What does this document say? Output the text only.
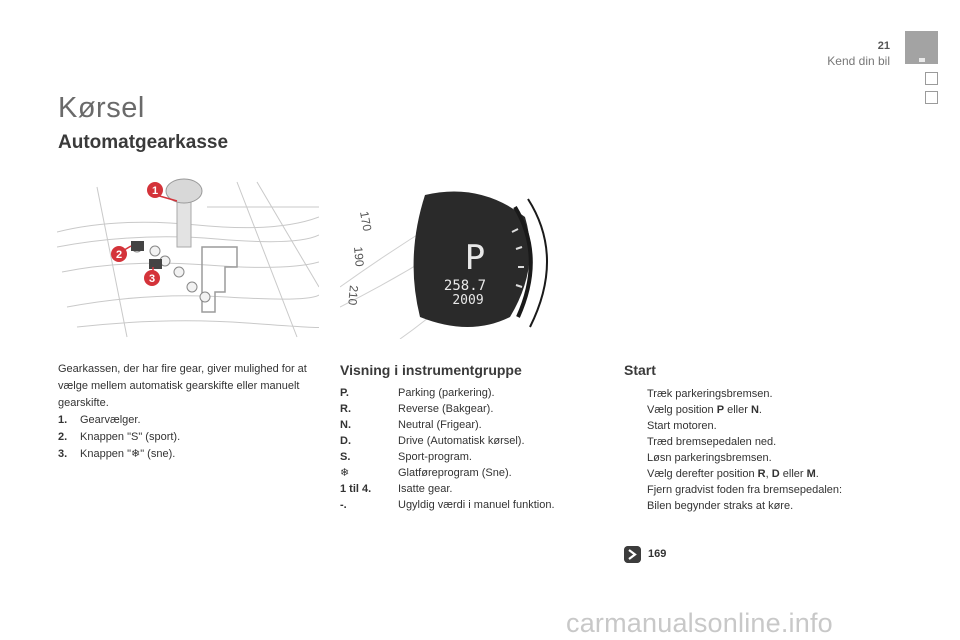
21
Kend din bil
Kørsel
Automatgearkasse
1
2
3
170
190
210
P
258.7
2009
Gearkassen, der har fire gear, giver mulighed for at vælge mellem automatisk gearskifte eller manuelt gearskifte.
1. Gearvælger.
2. Knappen "S" (sport).
3. Knappen "❄" (sne).
Visning i instrumentgruppe
P.	Parking (parkering).
R.	Reverse (Bakgear).
N.	Neutral (Frigear).
D.	Drive (Automatisk kørsel).
S.	Sport-program.
❄	Glatføreprogram (Sne).
1 til 4.	Isatte gear.
-.	Ugyldig værdi i manuel funktion.
Start
Træk parkeringsbremsen.
Vælg position P eller N.
Start motoren.
Træd bremsepedalen ned.
Løsn parkeringsbremsen.
Vælg derefter position R, D eller M.
Fjern gradvist foden fra bremsepedalen:
Bilen begynder straks at køre.
169
carmanualsonline.info
